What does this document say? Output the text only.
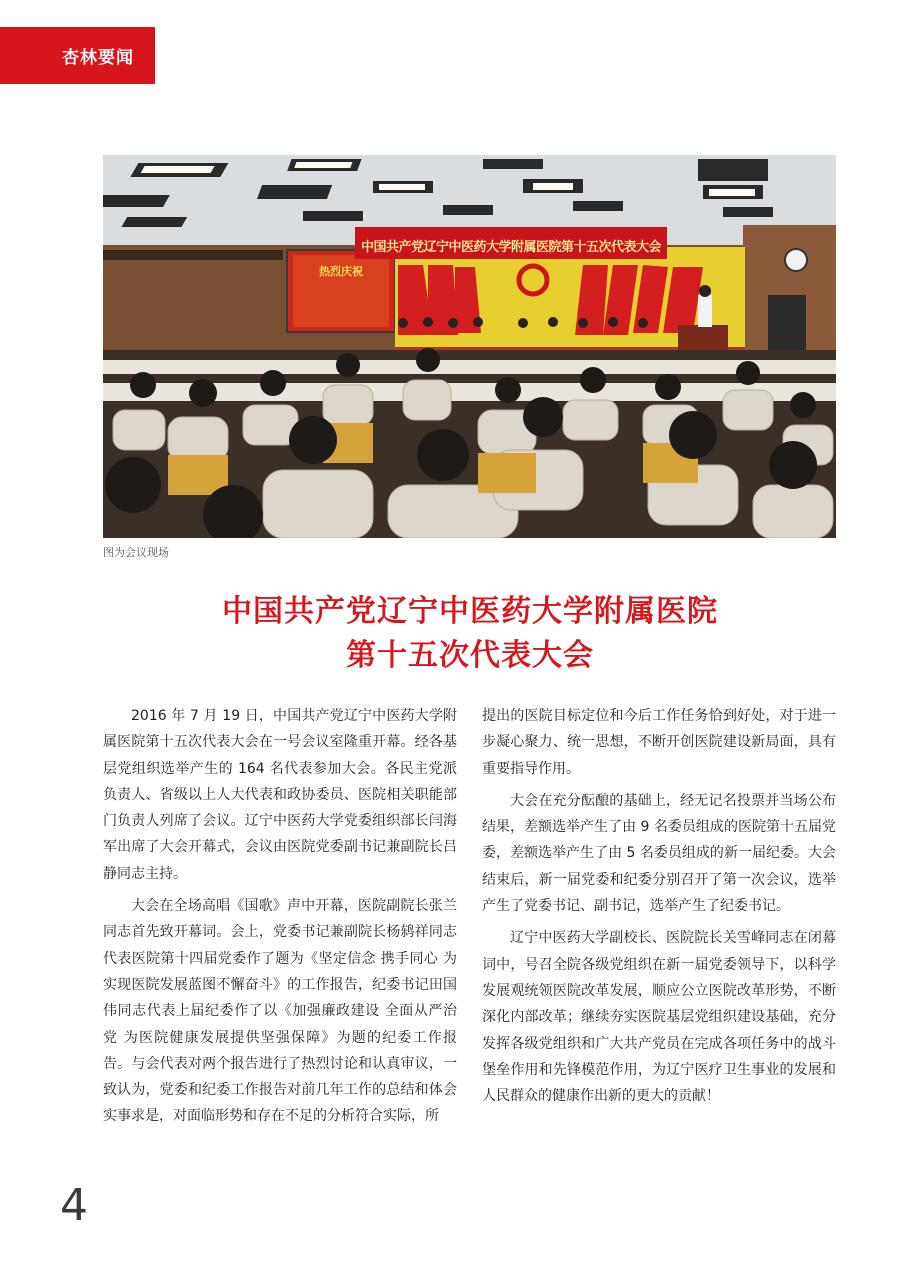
杏林要闻
中国共产党辽宁中医药大学附属医院第十五次代表大会
热烈庆祝
图为会议现场
中国共产党辽宁中医药大学附属医院
第十五次代表大会

2016 年 7 月 19 日，中国共产党辽宁中医药大学附属医院第十五次代表大会在一号会议室隆重开幕。经各基层党组织选举产生的 164 名代表参加大会。各民主党派负责人、省级以上人大代表和政协委员、医院相关职能部门负责人列席了会议。辽宁中医药大学党委组织部长闫海军出席了大会开幕式，会议由医院党委副书记兼副院长吕静同志主持。

大会在全场高唱《国歌》声中开幕，医院副院长张兰同志首先致开幕词。会上，党委书记兼副院长杨鸫祥同志代表医院第十四届党委作了题为《坚定信念 携手同心 为实现医院发展蓝图不懈奋斗》的工作报告，纪委书记田国伟同志代表上届纪委作了以《加强廉政建设 全面从严治党 为医院健康发展提供坚强保障》为题的纪委工作报告。与会代表对两个报告进行了热烈讨论和认真审议，一致认为，党委和纪委工作报告对前几年工作的总结和体会实事求是，对面临形势和存在不足的分析符合实际，所

提出的医院目标定位和今后工作任务恰到好处，对于进一步凝心聚力、统一思想，不断开创医院建设新局面，具有重要指导作用。

大会在充分酝酿的基础上，经无记名投票并当场公布结果，差额选举产生了由 9 名委员组成的医院第十五届党委，差额选举产生了由 5 名委员组成的新一届纪委。大会结束后，新一届党委和纪委分别召开了第一次会议，选举产生了党委书记、副书记，选举产生了纪委书记。

辽宁中医药大学副校长、医院院长关雪峰同志在闭幕词中，号召全院各级党组织在新一届党委领导下，以科学发展观统领医院改革发展，顺应公立医院改革形势，不断深化内部改革；继续夯实医院基层党组织建设基础，充分发挥各级党组织和广大共产党员在完成各项任务中的战斗堡垒作用和先锋模范作用，为辽宁医疗卫生事业的发展和人民群众的健康作出新的更大的贡献！

4
